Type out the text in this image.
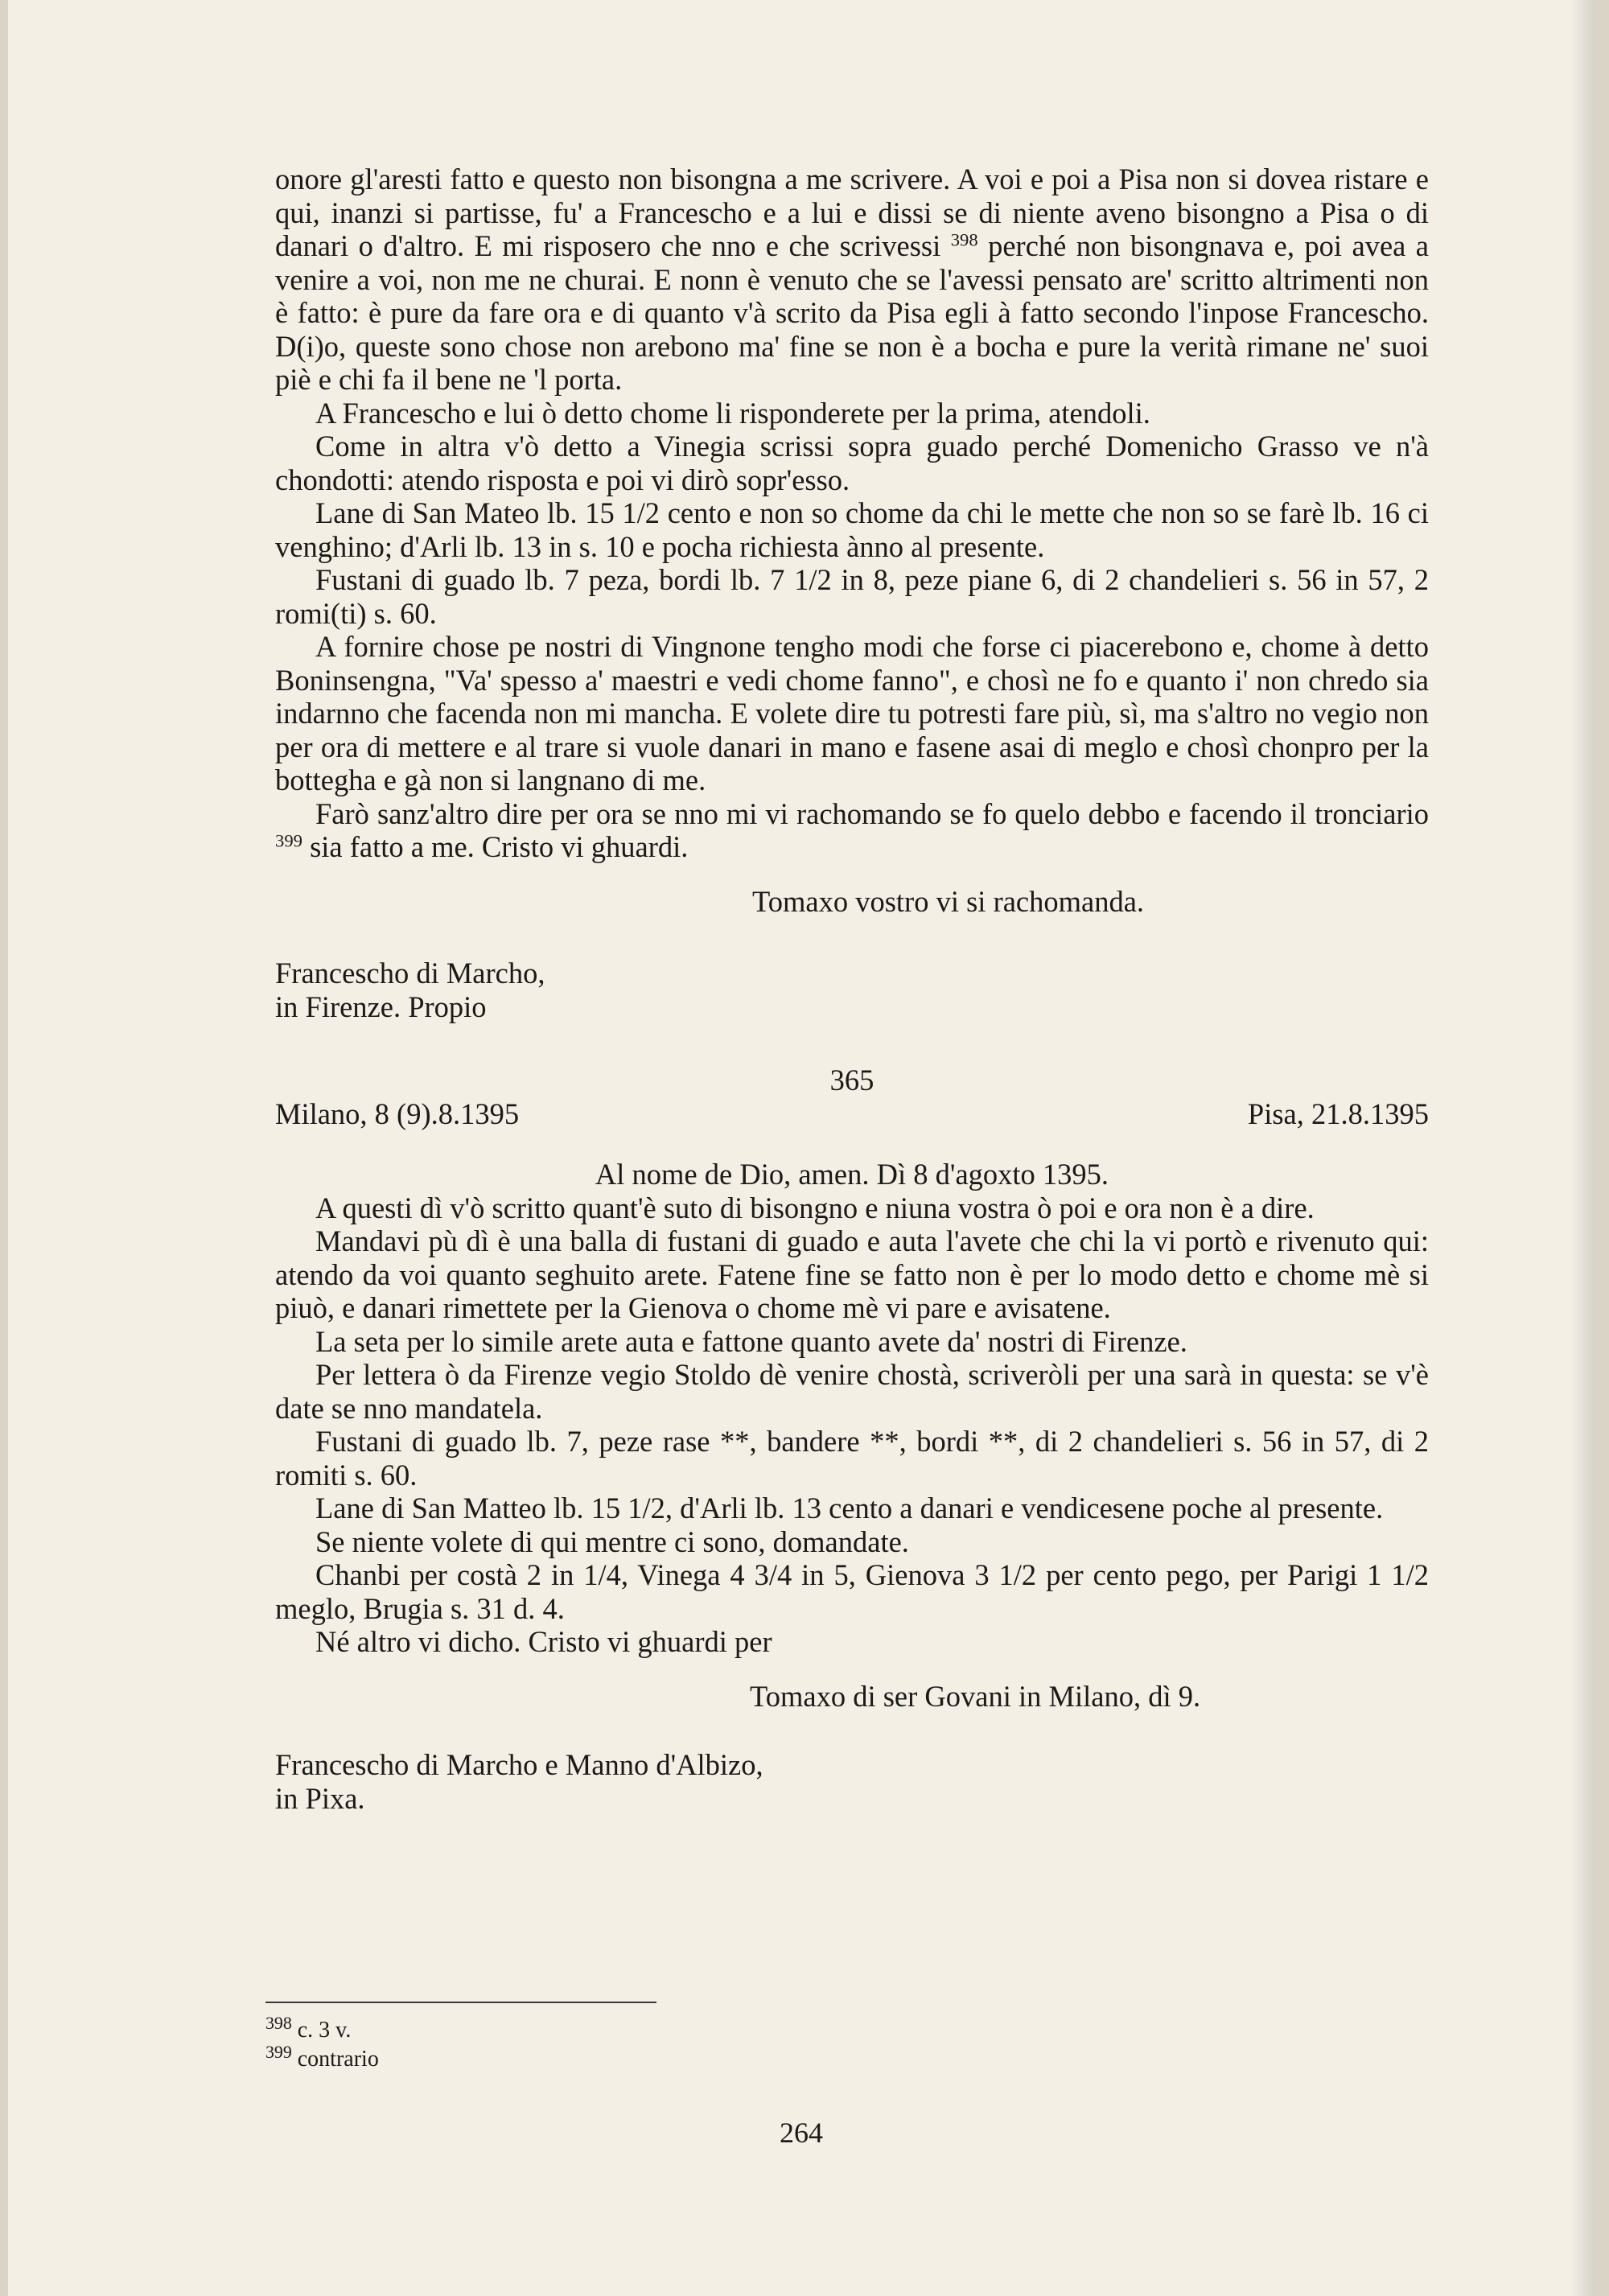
onore gl'aresti fatto e questo non bisongna a me scrivere. A voi e poi a Pisa non si dovea ristare e qui, inanzi si partisse, fu' a Francescho e a lui e dissi se di niente aveno bisongno a Pisa o di danari o d'altro. E mi risposero che nno e che scrivessi $^{398}$ perché non bisongnava e, poi avea a venire a voi, non me ne churai. E nonn è venuto che se l'avessi pensato are' scritto altrimenti non è fatto: è pure da fare ora e di quanto v'à scrito da Pisa egli à fatto secondo l'inpose Francescho. D(i)o, queste sono chose non arebono ma' fine se non è a bocha e pure la verità rimane ne' suoi piè e chi fa il bene ne 'l porta.

A Francescho e lui ò detto chome li risponderete per la prima, atendoli.

Come in altra v'ò detto a Vinegia scrissi sopra guado perché Domenicho Grasso ve n'à chondotti: atendo risposta e poi vi dirò sopr'esso.

Lane di San Mateo lb. 15 1/2 cento e non so chome da chi le mette che non so se farè lb. 16 ci venghino; d'Arli lb. 13 in s. 10 e pocha richiesta ànno al presente.

Fustani di guado lb. 7 peza, bordi lb. 7 1/2 in 8, peze piane 6, di 2 chandelieri s. 56 in 57, 2 romi(ti) s. 60.

A fornire chose pe nostri di Vingnone tengho modi che forse ci piacerebono e, chome à detto Boninsengna, "Va' spesso a' maestri e vedi chome fanno", e chosì ne fo e quanto i' non chredo sia indarnno che facenda non mi mancha. E volete dire tu potresti fare più, sì, ma s'altro no vegio non per ora di mettere e al trare si vuole danari in mano e fasene asai di meglo e chosì chonpro per la bottegha e gà non si langnano di me.

Farò sanz'altro dire per ora se nno mi vi rachomando se fo quelo debbo e facendo il tronciario $^{399}$ sia fatto a me. Cristo vi ghuardi.

Tomaxo vostro vi si rachomanda.

Francescho di Marcho,
in Firenze. Propio
365
Milano, 8 (9).8.1395	Pisa, 21.8.1395
Al nome de Dio, amen. Dì 8 d'agoxto 1395.

A questi dì v'ò scritto quant'è suto di bisongno e niuna vostra ò poi e ora non è a dire.

Mandavi pù dì è una balla di fustani di guado e auta l'avete che chi la vi portò e rivenuto qui: atendo da voi quanto seghuito arete. Fatene fine se fatto non è per lo modo detto e chome mè si piuò, e danari rimettete per la Gienova o chome mè vi pare e avisatene.

La seta per lo simile arete auta e fattone quanto avete da' nostri di Firenze.

Per lettera ò da Firenze vegio Stoldo dè venire chostà, scriveròli per una sarà in questa: se v'è date se nno mandatela.

Fustani di guado lb. 7, peze rase **, bandere **, bordi **, di 2 chandelieri s. 56 in 57, di 2 romiti s. 60.

Lane di San Matteo lb. 15 1/2, d'Arli lb. 13 cento a danari e vendicesene poche al presente.

Se niente volete di qui mentre ci sono, domandate.

Chanbi per costà 2 in 1/4, Vinega 4 3/4 in 5, Gienova 3 1/2 per cento pego, per Parigi 1 1/2 meglo, Brugia s. 31 d. 4.

Né altro vi dicho. Cristo vi ghuardi per

Tomaxo di ser Govani in Milano, dì 9.
Francescho di Marcho e Manno d'Albizo,
in Pixa.
$^{398}$ c. 3 v.
$^{399}$ contrario
264
